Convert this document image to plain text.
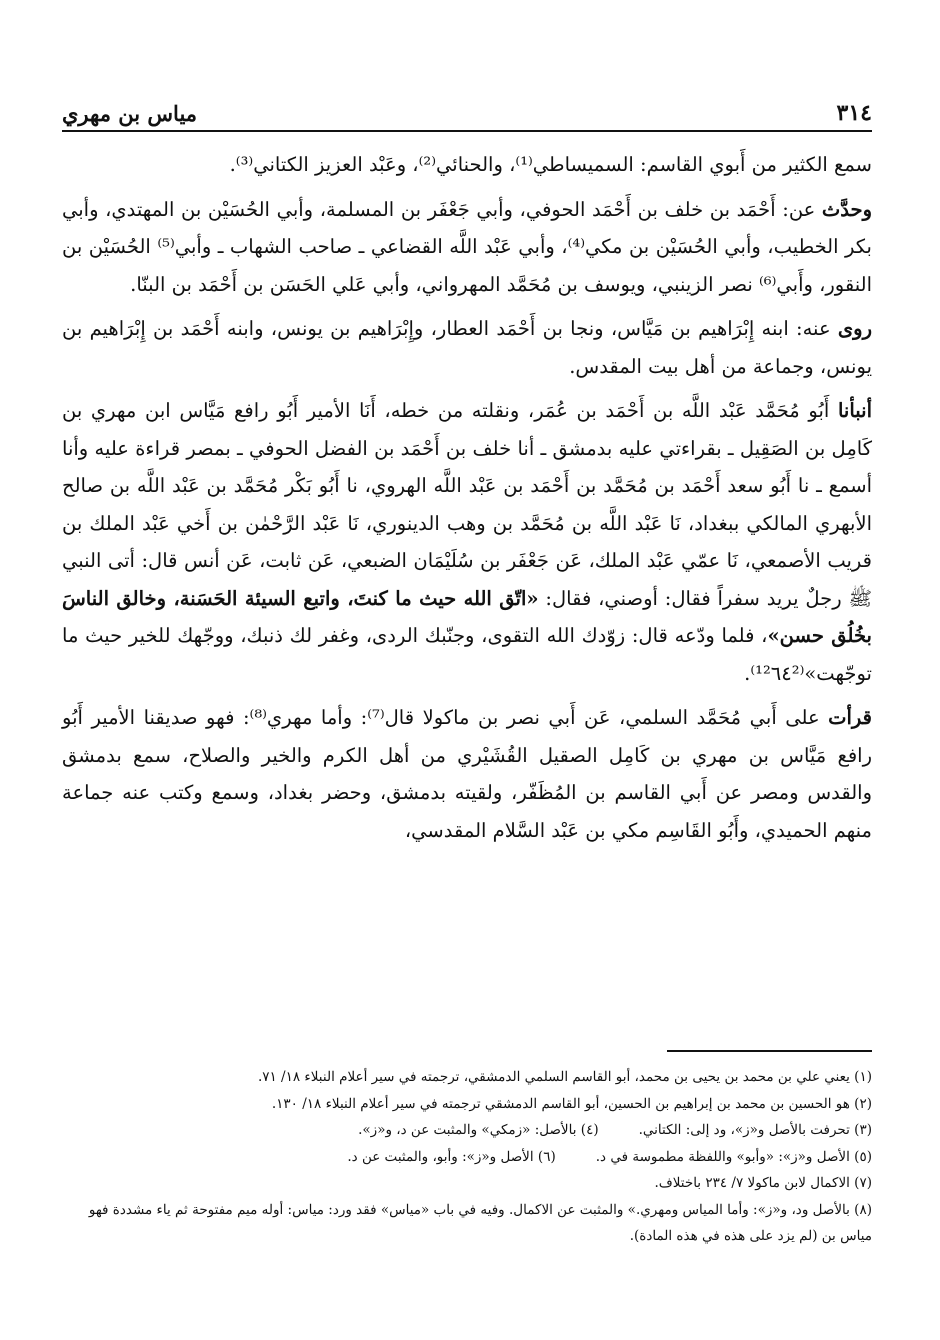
٣١٤
مياس بن مهري

سمع الكثير من أَبوي القاسم: السميساطي⁽¹⁾، والحنائي⁽²⁾، وعَبْد العزيز الكتاني⁽³⁾.

وحدَّث عن: أَحْمَد بن خلف بن أَحْمَد الحوفي، وأبي جَعْفَر بن المسلمة، وأبي الحُسَيْن بن المهتدي، وأبي بكر الخطيب، وأبي الحُسَيْن بن مكي⁽⁴⁾، وأبي عَبْد اللَّه القضاعي ـ صاحب الشهاب ـ وأبي⁽⁵⁾ الحُسَيْن بن النقور، وأَبي⁽⁶⁾ نصر الزينبي، ويوسف بن مُحَمَّد المهرواني، وأبي عَلي الحَسَن بن أَحْمَد بن البنّا.

روى عنه: ابنه إِبْرَاهيم بن مَيَّاس، ونجا بن أَحْمَد العطار، وإِبْرَاهيم بن يونس، وابنه أَحْمَد بن إِبْرَاهيم بن يونس، وجماعة من أهل بيت المقدس.

أنبأنا أَبُو مُحَمَّد عَبْد اللَّه بن أَحْمَد بن عُمَر، ونقلته من خطه، أَنَا الأمير أَبُو رافع مَيَّاس ابن مهري بن كَامِل بن الصَقِيل ـ بقراءتي عليه بدمشق ـ أنا خلف بن أَحْمَد بن الفضل الحوفي ـ بمصر قراءة عليه وأنا أسمع ـ نا أَبُو سعد أَحْمَد بن مُحَمَّد بن أَحْمَد بن عَبْد اللَّه الهروي، نا أَبُو بَكْر مُحَمَّد بن عَبْد اللَّه بن صالح الأبهري المالكي ببغداد، نَا عَبْد اللَّه بن مُحَمَّد بن وهب الدينوري، نَا عَبْد الرَّحْمٰن بن أَخي عَبْد الملك بن قريب الأصمعي، نَا عمّي عَبْد الملك، عَن جَعْفَر بن سُلَيْمَان الضبعي، عَن ثابت، عَن أنس قال: أتى النبي ﷺ رجلٌ يريد سفراً فقال: أوصني، فقال: «اتّق الله حيث ما كنتَ، واتبع السيئة الحَسَنة، وخالق الناسَ بخُلُق حسن»، فلما ودّعه قال: زوّدك الله التقوى، وجنّبك الردى، وغفر لك ذنبك، ووجّهك للخير حيث ما توجّهت»⁽¹²٦٤²⁾.

قرأت على أَبي مُحَمَّد السلمي، عَن أَبي نصر بن ماكولا قال⁽⁷⁾: وأما مهري⁽⁸⁾: فهو صديقنا الأمير أَبُو رافع مَيَّاس بن مهري بن كَامِل الصقيل القُشَيْري من أهل الكرم والخير والصلاح، سمع بدمشق والقدس ومصر عن أَبي القاسم بن المُظَفّر، ولقيته بدمشق، وحضر بغداد، وسمع وكتب عنه جماعة منهم الحميدي، وأَبُو القَاسِم مكي بن عَبْد السَّلام المقدسي،

(١) يعني علي بن محمد بن يحيى بن محمد، أبو القاسم السلمي الدمشقي، ترجمته في سير أعلام النبلاء ١٨/ ٧١.

(٢) هو الحسين بن محمد بن إبراهيم بن الحسين، أبو القاسم الدمشقي ترجمته في سير أعلام النبلاء ١٨/ ١٣٠.

(٣) تحرفت بالأصل و«ز»، ود إلى: الكتاني.

(٤) بالأصل: «زمكي» والمثبت عن د، و«ز».

(٥) الأصل و«ز»: «وأبو» واللفظة مطموسة في د.

(٦) الأصل و«ز»: وأبو، والمثبت عن د.

(٧) الاكمال لابن ماكولا ٧/ ٢٣٤ باختلاف.

(٨) بالأصل ود، و«ز»: وأما المياس ومهري.» والمثبت عن الاكمال. وفيه في باب «مياس» فقد ورد: مياس: أوله ميم مفتوحة ثم ياء مشددة فهو مياس بن (لم يزد على هذه في هذه المادة).
